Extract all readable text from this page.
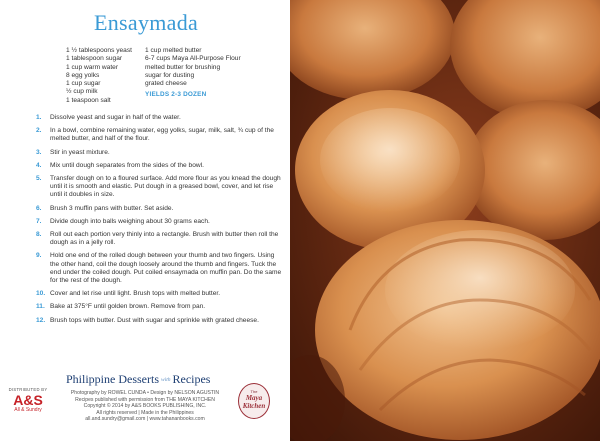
Ensaymada
1 ½ tablespoons yeast
1 tablespoon sugar
1 cup warm water
8 egg yolks
1 cup sugar
½ cup milk
1 teaspoon salt
1 cup melted butter
6-7 cups Maya All-Purpose Flour
melted butter for brushing
sugar for dusting
grated cheese
YIELDS 2-3 DOZEN
1. Dissolve yeast and sugar in half of the water.
2. In a bowl, combine remaining water, egg yolks, sugar, milk, salt, ¾ cup of the melted butter, and half of the flour.
3. Stir in yeast mixture.
4. Mix until dough separates from the sides of the bowl.
5. Transfer dough on to a floured surface. Add more flour as you knead the dough until it is smooth and elastic. Put dough in a greased bowl, cover, and let rise until it doubles in size.
6. Brush 3 muffin pans with butter. Set aside.
7. Divide dough into balls weighing about 30 grams each.
8. Roll out each portion very thinly into a rectangle. Brush with butter then roll the dough as in a jelly roll.
9. Hold one end of the rolled dough between your thumb and two fingers. Using the other hand, coil the dough loosely around the thumb and fingers. Tuck the end under the coiled dough. Put coiled ensaymada on muffin pan. Do the same for the rest of the dough.
10. Cover and let rise until light. Brush tops with melted butter.
11. Bake at 375°F until golden brown. Remove from pan.
12. Brush tops with butter. Dust with sugar and sprinkle with grated cheese.
DISTRIBUTED BY
A&S
All & Sundry
Philippine Desserts with Recipes
Photography by ROWEL CUNDA • Design by NELSON AGUSTIN
Recipes published with permission from THE MAYA KITCHEN
Copyright © 2014 by A&S BOOKS PUBLISHING, INC.
All rights reserved | Made in the Philippines
all.and.sundry@gmail.com | www.tahananbooks.com
The
Maya Kitchen
